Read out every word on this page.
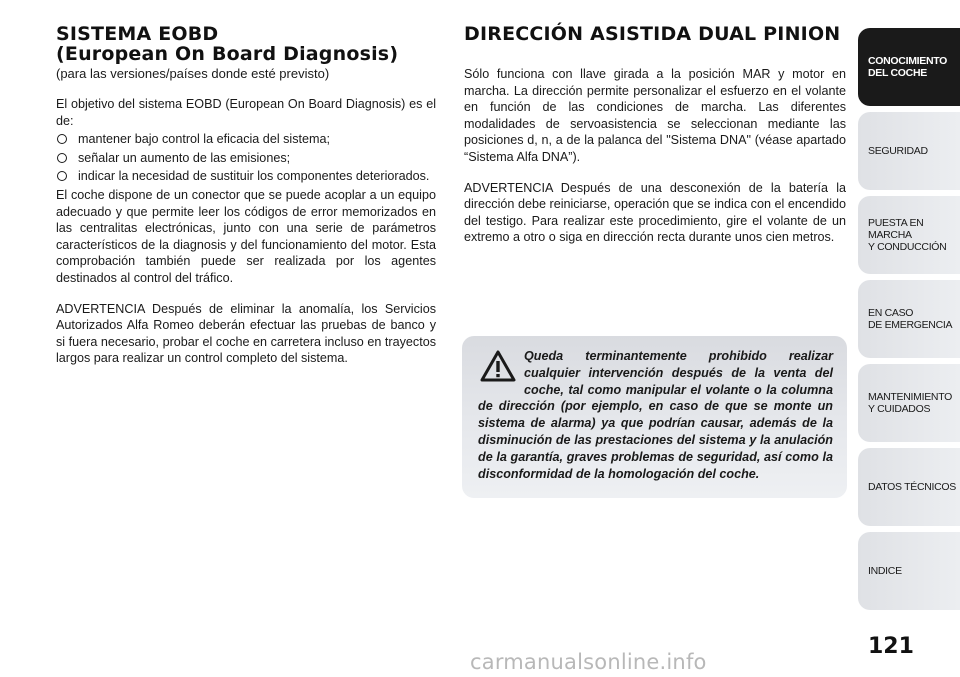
SISTEMA EOBD
(European On Board Diagnosis)
(para las versiones/países donde esté previsto)

El objetivo del sistema EOBD (European On Board Diagnosis) es el de:

mantener bajo control la eficacia del sistema;
señalar un aumento de las emisiones;
indicar la necesidad de sustituir los componentes deteriorados.

El coche dispone de un conector que se puede acoplar a un equipo adecuado y que permite leer los códigos de error memorizados en las centralitas electrónicas, junto con una serie de parámetros característicos de la diagnosis y del funcionamiento del motor. Esta comprobación también puede ser realizada por los agentes destinados al control del tráfico.

ADVERTENCIA Después de eliminar la anomalía, los Servicios Autorizados Alfa Romeo deberán efectuar las pruebas de banco y si fuera necesario, probar el coche en carretera incluso en trayectos largos para realizar un control completo del sistema.

DIRECCIÓN ASISTIDA DUAL PINION

Sólo funciona con llave girada a la posición MAR y motor en marcha. La dirección permite personalizar el esfuerzo en el volante en función de las condiciones de marcha. Las diferentes modalidades de servoasistencia se seleccionan mediante las posiciones d, n, a de la palanca del "Sistema DNA" (véase apartado “Sistema Alfa DNA”).

ADVERTENCIA Después de una desconexión de la batería la dirección debe reiniciarse, operación que se indica con el encendido del testigo. Para realizar este procedimiento, gire el volante de un extremo a otro o siga en dirección recta durante unos cien metros.

Queda terminantemente prohibido realizar cualquier intervención después de la venta del coche, tal como manipular el volante o la columna de dirección (por ejemplo, en caso de que se monte un sistema de alarma) ya que podrían causar, además de la disminución de las prestaciones del sistema y la anulación de la garantía, graves problemas de seguridad, así como la disconformidad de la homologación del coche.
CONOCIMIENTO
DEL COCHE
SEGURIDAD
PUESTA EN MARCHA
Y CONDUCCIÓN
EN CASO
DE EMERGENCIA
MANTENIMIENTO
Y CUIDADOS
DATOS TÉCNICOS
INDICE
121
carmanualsonline.info
